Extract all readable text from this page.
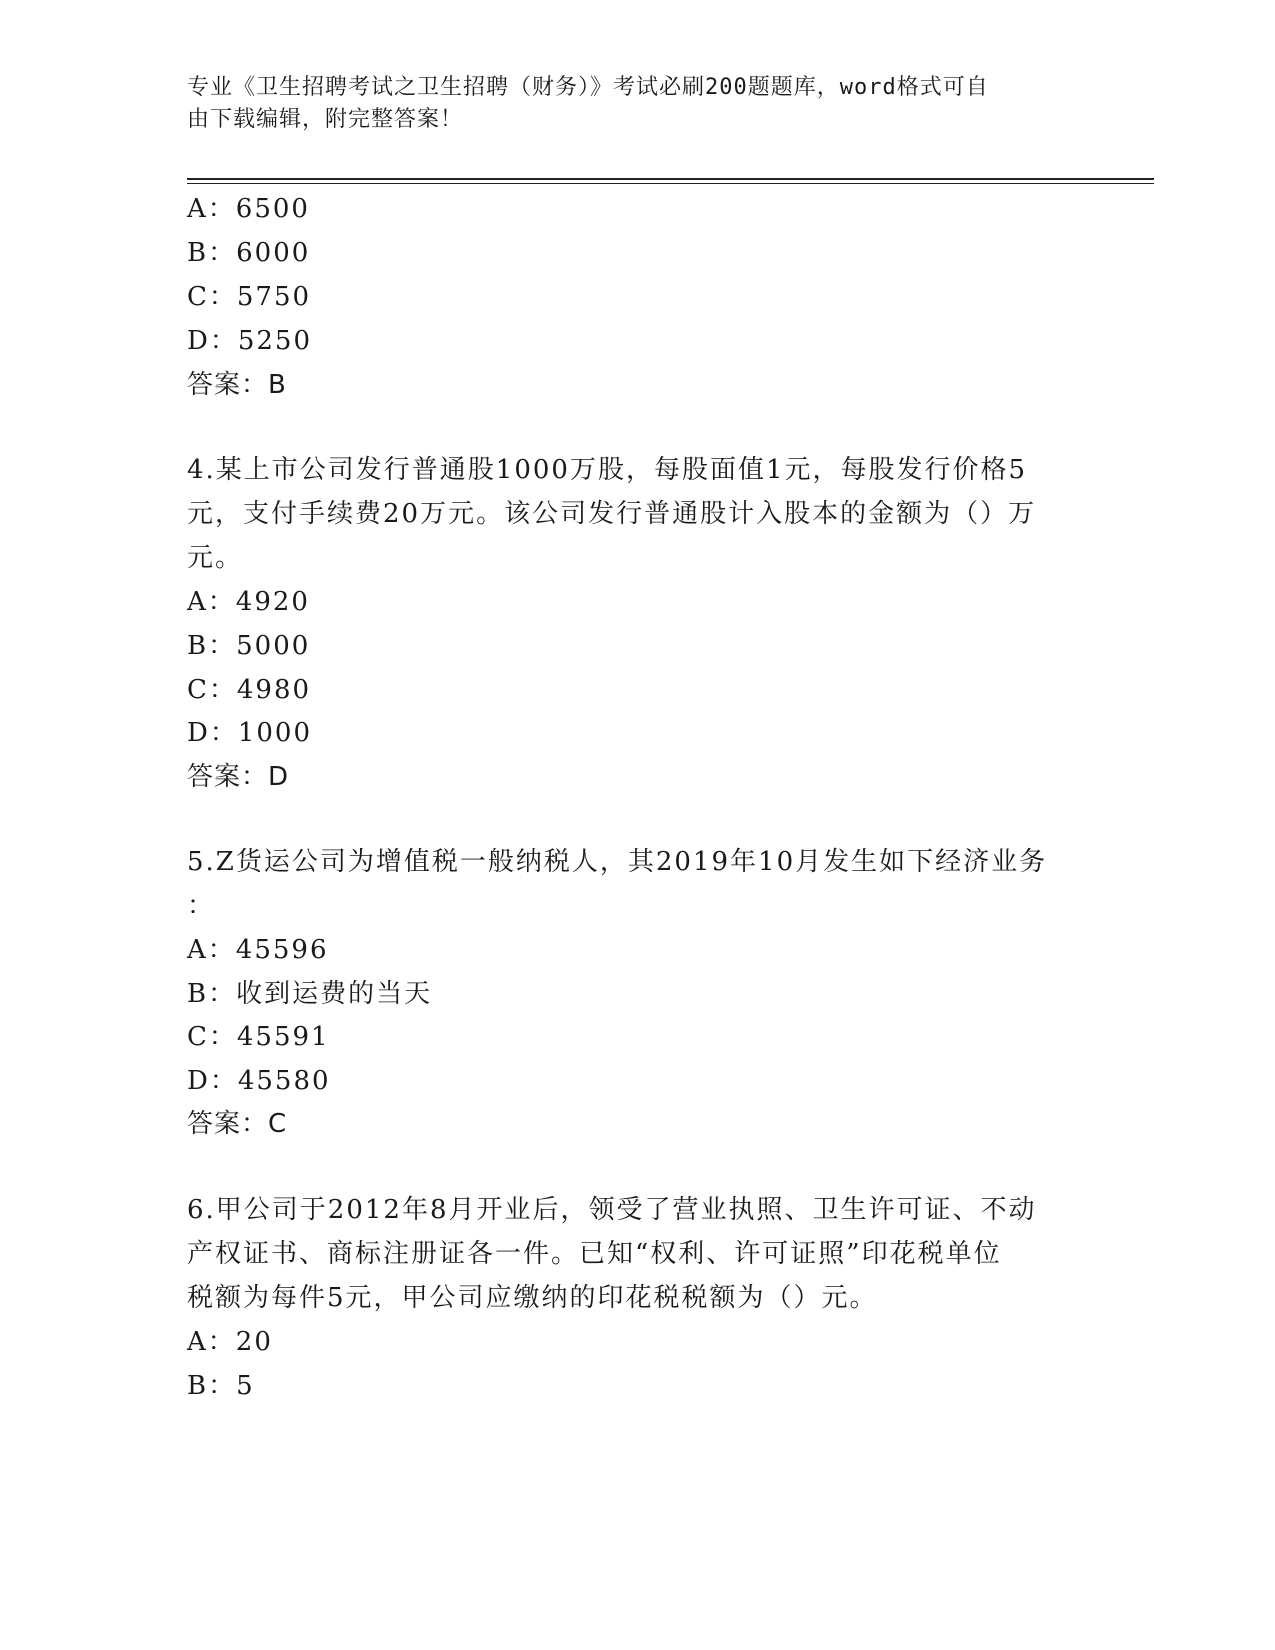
专业《卫生招聘考试之卫生招聘（财务）》考试必刷200题题库，word格式可自
由下载编辑，附完整答案！
A：6500
B：6000
C：5750
D：5250
答案：B
4.某上市公司发行普通股1000万股，每股面值1元，每股发行价格5
元，支付手续费20万元。该公司发行普通股计入股本的金额为（）万
元。
A：4920
B：5000
C：4980
D：1000
答案：D
5.Z货运公司为增值税一般纳税人，其2019年10月发生如下经济业务
：
A：45596
B：收到运费的当天
C：45591
D：45580
答案：C
6.甲公司于2012年8月开业后，领受了营业执照、卫生许可证、不动
产权证书、商标注册证各一件。已知“权利、许可证照”印花税单位
税额为每件5元，甲公司应缴纳的印花税税额为（）元。
A：20
B：5
